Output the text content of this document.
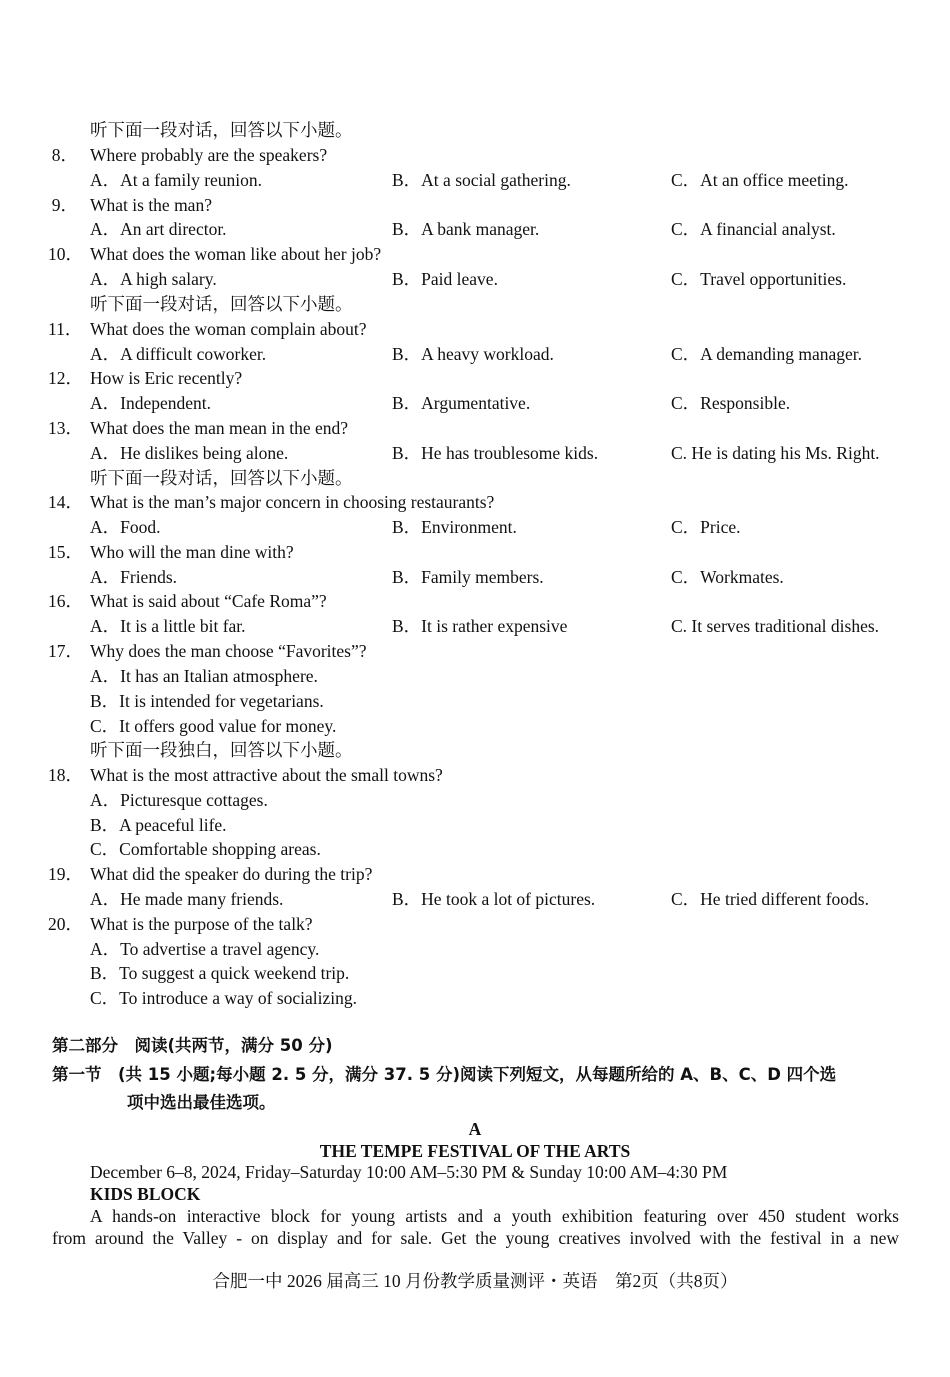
听下面一段对话，回答以下小题。
8． Where probably are the speakers?
A．At a family reunion.	B．At a social gathering.	C．At an office meeting.
9． What is the man?
A．An art director.	B．A bank manager.	C．A financial analyst.
10． What does the woman like about her job?
A．A high salary.	B．Paid leave.	C．Travel opportunities.
听下面一段对话，回答以下小题。
11． What does the woman complain about?
A．A difficult coworker.	B．A heavy workload.	C．A demanding manager.
12． How is Eric recently?
A．Independent.	B．Argumentative.	C．Responsible.
13． What does the man mean in the end?
A．He dislikes being alone.	B．He has troublesome kids.	C. He is dating his Ms. Right.
听下面一段对话，回答以下小题。
14． What is the man’s major concern in choosing restaurants?
A．Food.	B．Environment.	C．Price.
15． Who will the man dine with?
A．Friends.	B．Family members.	C．Workmates.
16． What is said about “Cafe Roma”?
A．It is a little bit far.	B．It is rather expensive	C. It serves traditional dishes.
17． Why does the man choose “Favorites”?
A．It has an Italian atmosphere.
B．It is intended for vegetarians.
C．It offers good value for money.
听下面一段独白，回答以下小题。
18． What is the most attractive about the small towns?
A．Picturesque cottages.
B．A peaceful life.
C．Comfortable shopping areas.
19． What did the speaker do during the trip?
A．He made many friends.	B．He took a lot of pictures.	C．He tried different foods.
20． What is the purpose of the talk?
A．To advertise a travel agency.
B．To suggest a quick weekend trip.
C．To introduce a way of socializing.
第二部分　阅读(共两节，满分 50 分)
第一节　(共 15 小题;每小题 2. 5 分，满分 37. 5 分)阅读下列短文，从每题所给的 A、B、C、D 四个选
项中选出最佳选项。
A
THE TEMPE FESTIVAL OF THE ARTS
December 6–8, 2024, Friday–Saturday 10:00 AM–5:30 PM & Sunday 10:00 AM–4:30 PM
KIDS BLOCK
A hands-on interactive block for young artists and a youth exhibition featuring over 450 student works
from around the Valley - on display and for sale. Get the young creatives involved with the festival in a new
合肥一中 2026 届高三 10 月份教学质量测评・英语　第2页（共8页）
